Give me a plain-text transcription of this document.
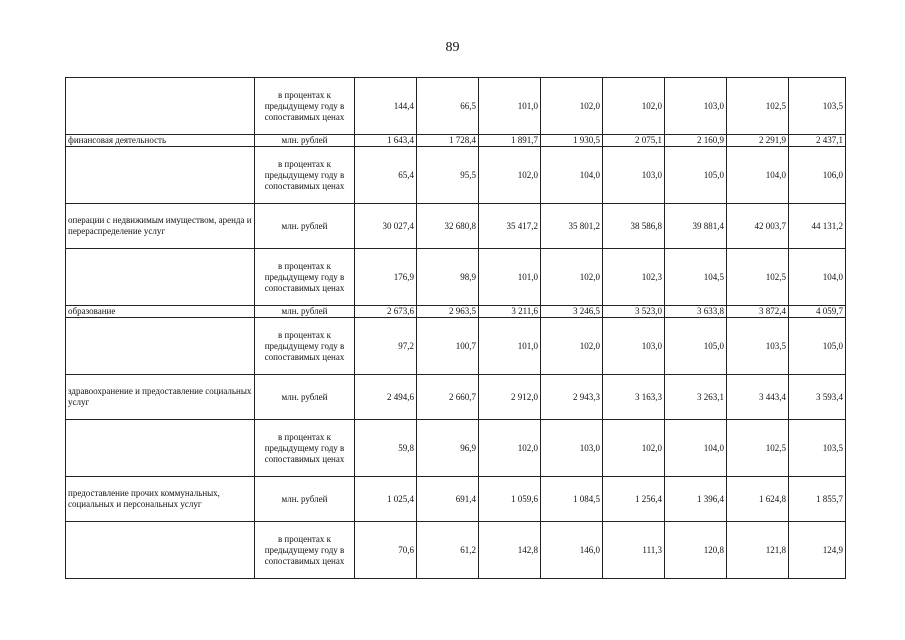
89
	в процентах к предыдущему году в сопоставимых ценах	144,4	66,5	101,0	102,0	102,0	103,0	102,5	103,5
финансовая деятельность	млн. рублей	1 643,4	1 728,4	1 891,7	1 930,5	2 075,1	2 160,9	2 291,9	2 437,1
	в процентах к предыдущему году в сопоставимых ценах	65,4	95,5	102,0	104,0	103,0	105,0	104,0	106,0
операции с недвижимым имуществом, аренда и перераспределение услуг	млн. рублей	30 027,4	32 680,8	35 417,2	35 801,2	38 586,8	39 881,4	42 003,7	44 131,2
	в процентах к предыдущему году в сопоставимых ценах	176,9	98,9	101,0	102,0	102,3	104,5	102,5	104,0
образование	млн. рублей	2 673,6	2 963,5	3 211,6	3 246,5	3 523,0	3 633,8	3 872,4	4 059,7
	в процентах к предыдущему году в сопоставимых ценах	97,2	100,7	101,0	102,0	103,0	105,0	103,5	105,0
здравоохранение и предоставление социальных услуг	млн. рублей	2 494,6	2 660,7	2 912,0	2 943,3	3 163,3	3 263,1	3 443,4	3 593,4
	в процентах к предыдущему году в сопоставимых ценах	59,8	96,9	102,0	103,0	102,0	104,0	102,5	103,5
предоставление прочих коммунальных, социальных и персональных услуг	млн. рублей	1 025,4	691,4	1 059,6	1 084,5	1 256,4	1 396,4	1 624,8	1 855,7
	в процентах к предыдущему году в сопоставимых ценах	70,6	61,2	142,8	146,0	111,3	120,8	121,8	124,9
